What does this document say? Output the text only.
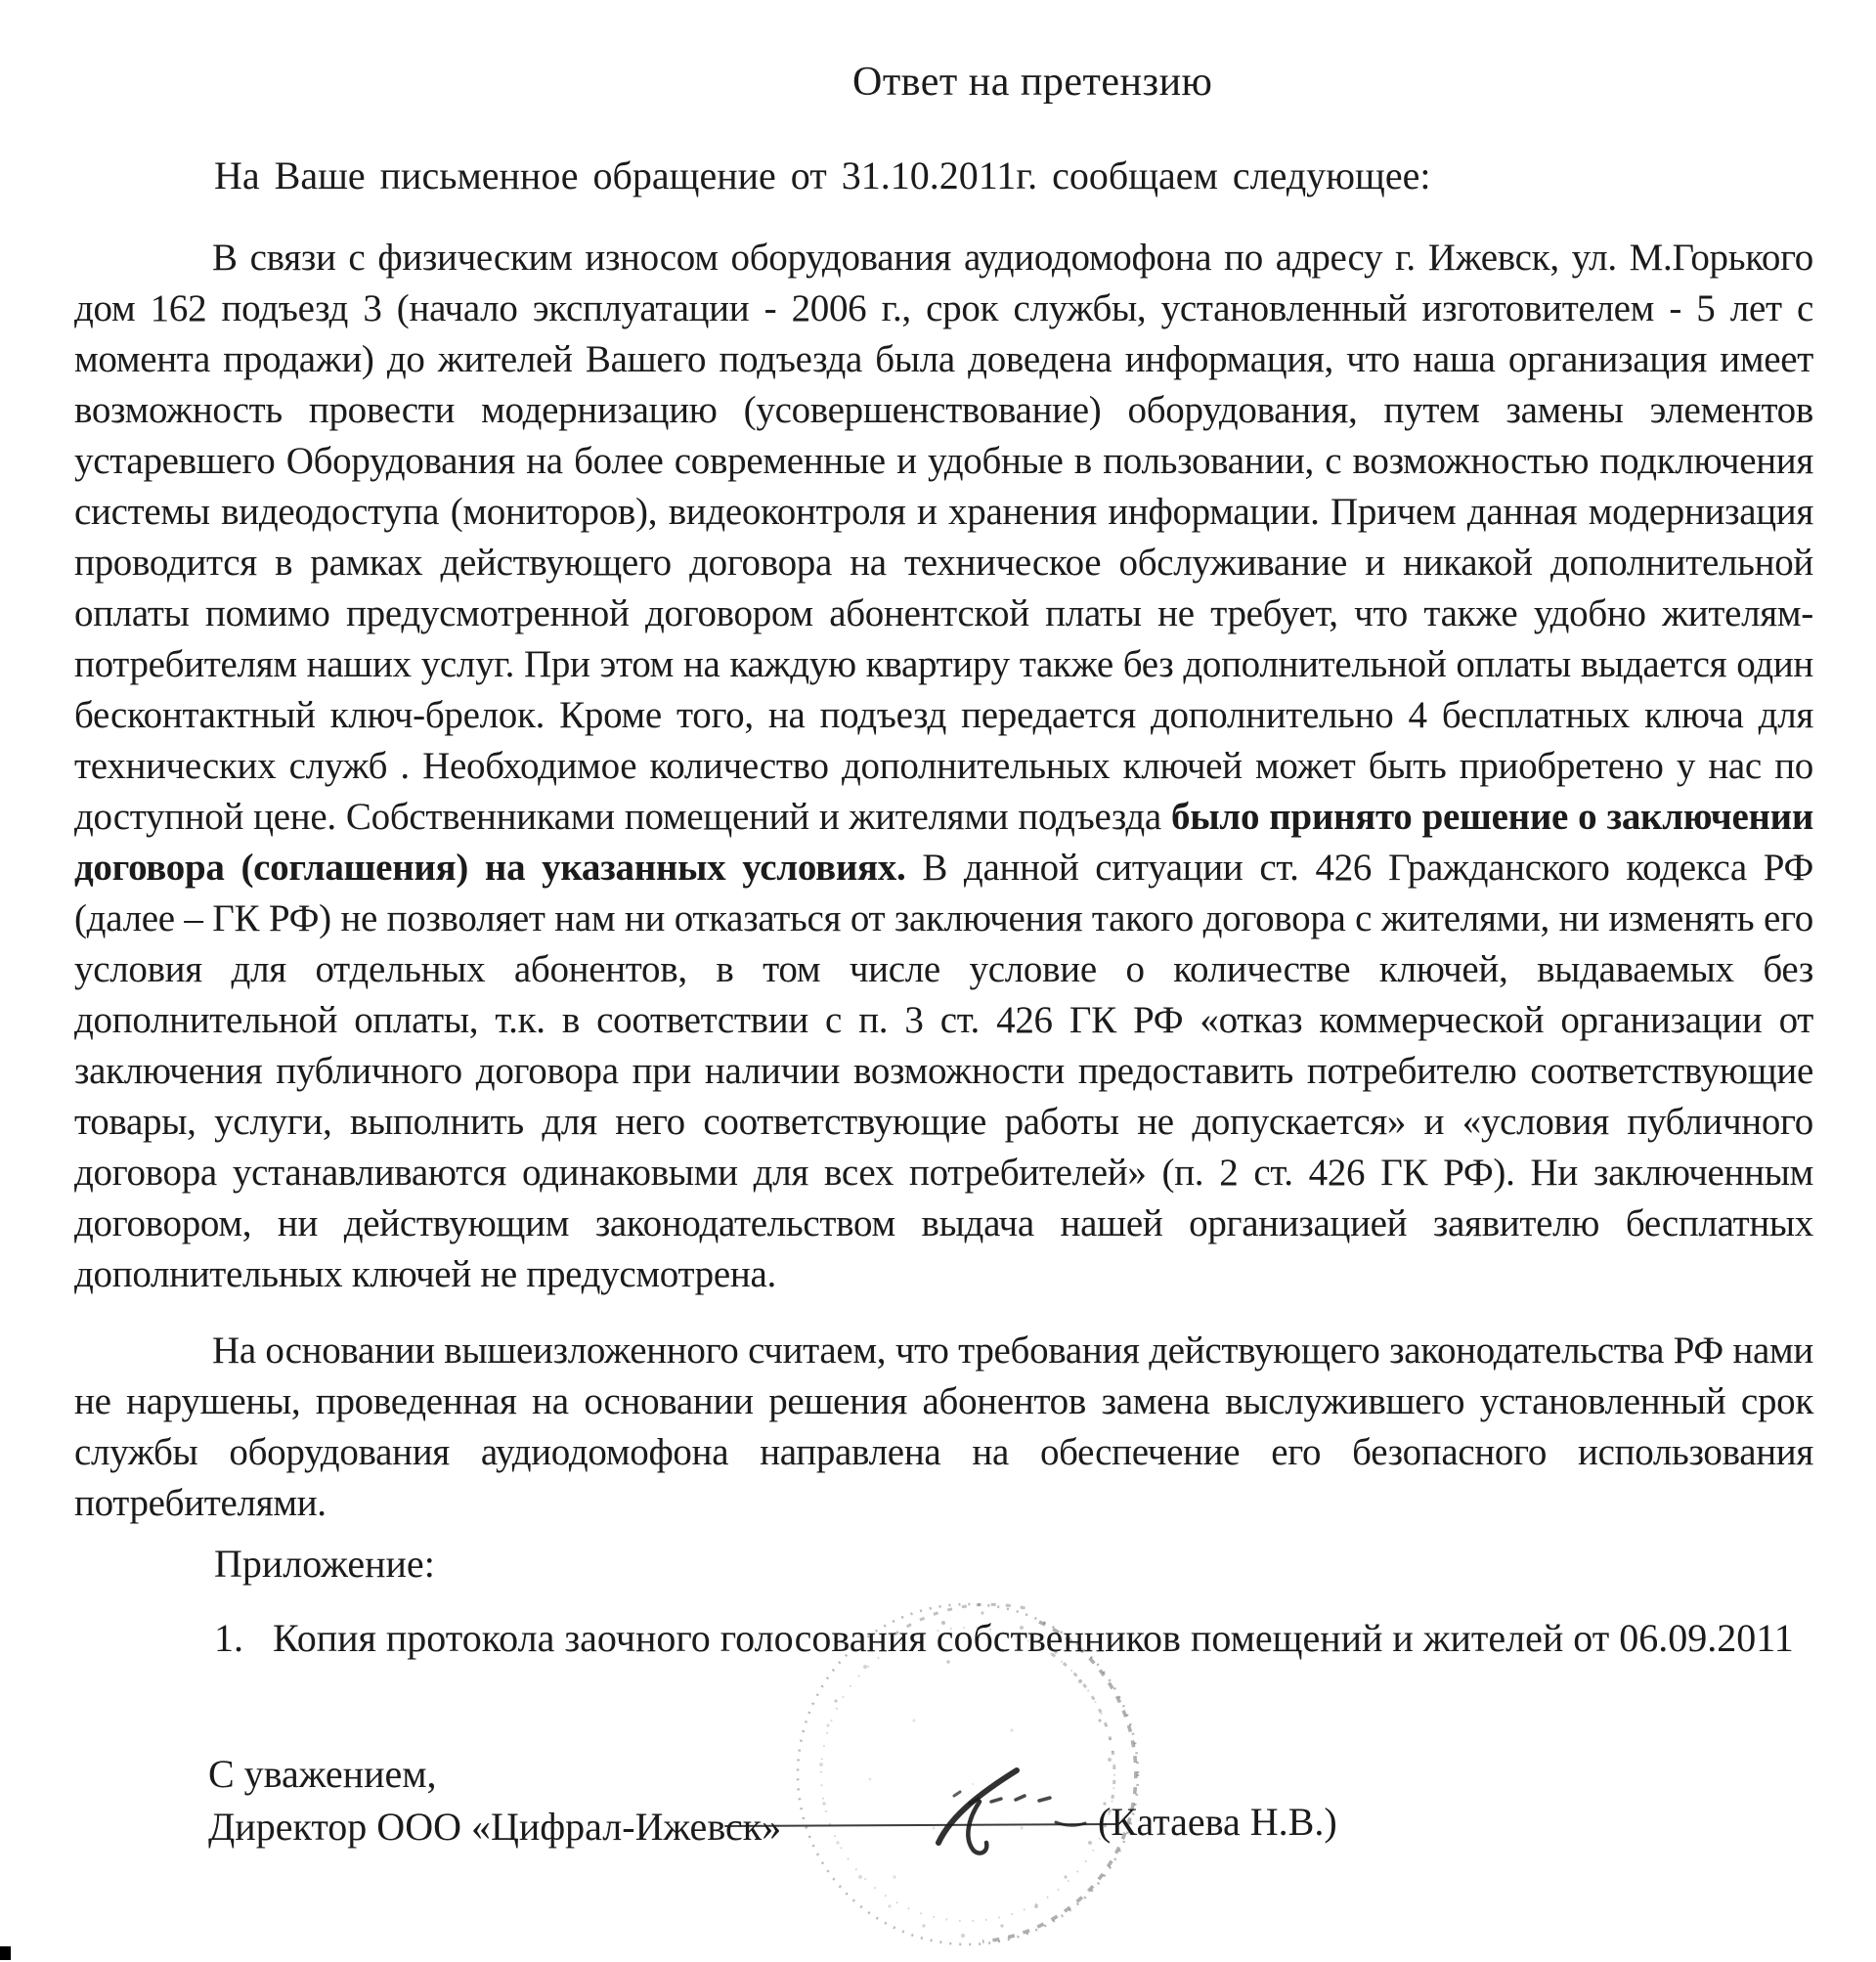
Ответ на претензию
На Ваше письменное обращение от 31.10.2011г. сообщаем следующее:
В связи с физическим износом оборудования аудиодомофона по адресу г. Ижевск, ул. М.Горького дом 162 подъезд 3 (начало эксплуатации - 2006 г., срок службы, установленный изготовителем - 5 лет с момента продажи) до жителей Вашего подъезда была доведена информация, что наша организация имеет возможность провести модернизацию (усовершенствование) оборудования, путем замены элементов устаревшего Оборудования на более современные и удобные в пользовании, с возможностью подключения системы видеодоступа (мониторов), видеоконтроля и хранения информации. Причем данная модернизация проводится в рамках действующего договора на техническое обслуживание и никакой дополнительной оплаты помимо предусмотренной договором абонентской платы не требует, что также удобно жителям-потребителям наших услуг. При этом на каждую квартиру также без дополнительной оплаты выдается один бесконтактный ключ-брелок. Кроме того, на подъезд передается дополнительно 4 бесплатных ключа для технических служб . Необходимое количество дополнительных ключей может быть приобретено у нас по доступной цене. Собственниками помещений и жителями подъезда было принято решение о заключении договора (соглашения) на указанных условиях. В данной ситуации ст. 426 Гражданского кодекса РФ (далее – ГК РФ) не позволяет нам ни отказаться от заключения такого договора с жителями, ни изменять его условия для отдельных абонентов, в том числе условие о количестве ключей, выдаваемых без дополнительной оплаты, т.к. в соответствии с п. 3 ст. 426 ГК РФ «отказ коммерческой организации от заключения публичного договора при наличии возможности предоставить потребителю соответствующие товары, услуги, выполнить для него соответствующие работы не допускается» и «условия публичного договора устанавливаются одинаковыми для всех потребителей» (п. 2 ст. 426 ГК РФ). Ни заключенным договором, ни действующим законодательством выдача нашей организацией заявителю бесплатных дополнительных ключей не предусмотрена.
На основании вышеизложенного считаем, что требования действующего законодательства РФ нами не нарушены, проведенная на основании решения абонентов замена выслужившего установленный срок службы оборудования аудиодомофона направлена на обеспечение его безопасного использования потребителями.
Приложение:
1. Копия протокола заочного голосования собственников помещений и жителей от 06.09.2011
С уважением,
Директор ООО «Цифрал-Ижевск»	(Катаева Н.В.)
